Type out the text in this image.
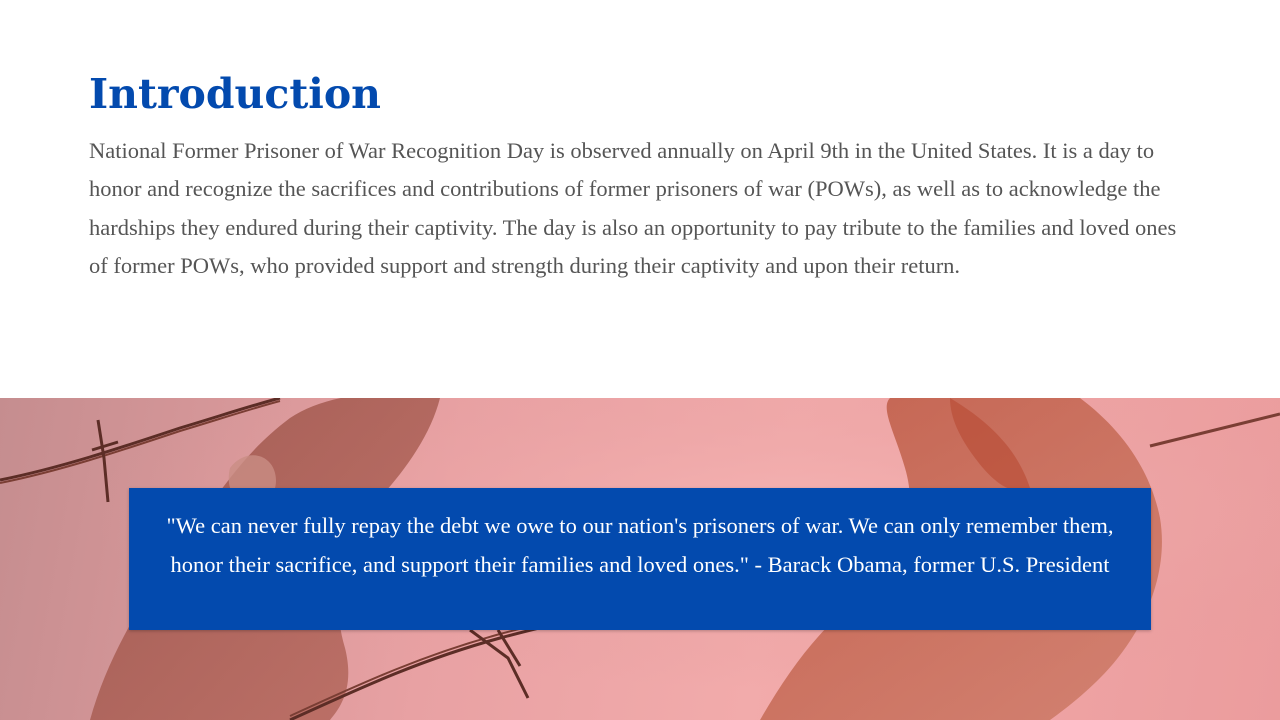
Introduction

National Former Prisoner of War Recognition Day is observed annually on April 9th in the United States. It is a day to honor and recognize the sacrifices and contributions of former prisoners of war (POWs), as well as to acknowledge the hardships they endured during their captivity. The day is also an opportunity to pay tribute to the families and loved ones of former POWs, who provided support and strength during their captivity and upon their return.

"We can never fully repay the debt we owe to our nation's prisoners of war. We can only remember them, honor their sacrifice, and support their families and loved ones." - Barack Obama, former U.S. President
